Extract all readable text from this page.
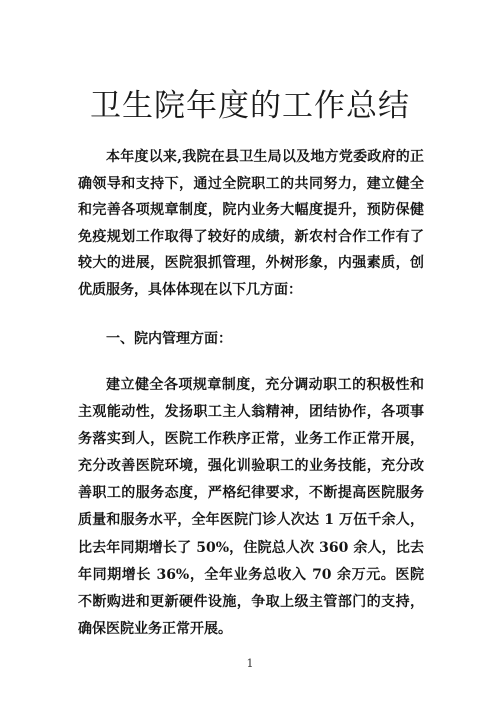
卫生院年度的工作总结

本年度以来,我院在县卫生局以及地方党委政府的正确领导和支持下，通过全院职工的共同努力，建立健全和完善各项规章制度，院内业务大幅度提升，预防保健免疫规划工作取得了较好的成绩，新农村合作工作有了较大的进展，医院狠抓管理，外树形象，内强素质，创优质服务，具体体现在以下几方面：

一、院内管理方面：

建立健全各项规章制度，充分调动职工的积极性和主观能动性，发扬职工主人翁精神，团结协作，各项事务落实到人，医院工作秩序正常，业务工作正常开展，充分改善医院环境，强化训验职工的业务技能，充分改善职工的服务态度，严格纪律要求，不断提高医院服务质量和服务水平，全年医院门诊人次达 1 万伍千余人，比去年同期增长了 50%，住院总人次 360 余人，比去年同期增长 36%，全年业务总收入 70 余万元。医院不断购进和更新硬件设施，争取上级主管部门的支持，确保医院业务正常开展。

1
